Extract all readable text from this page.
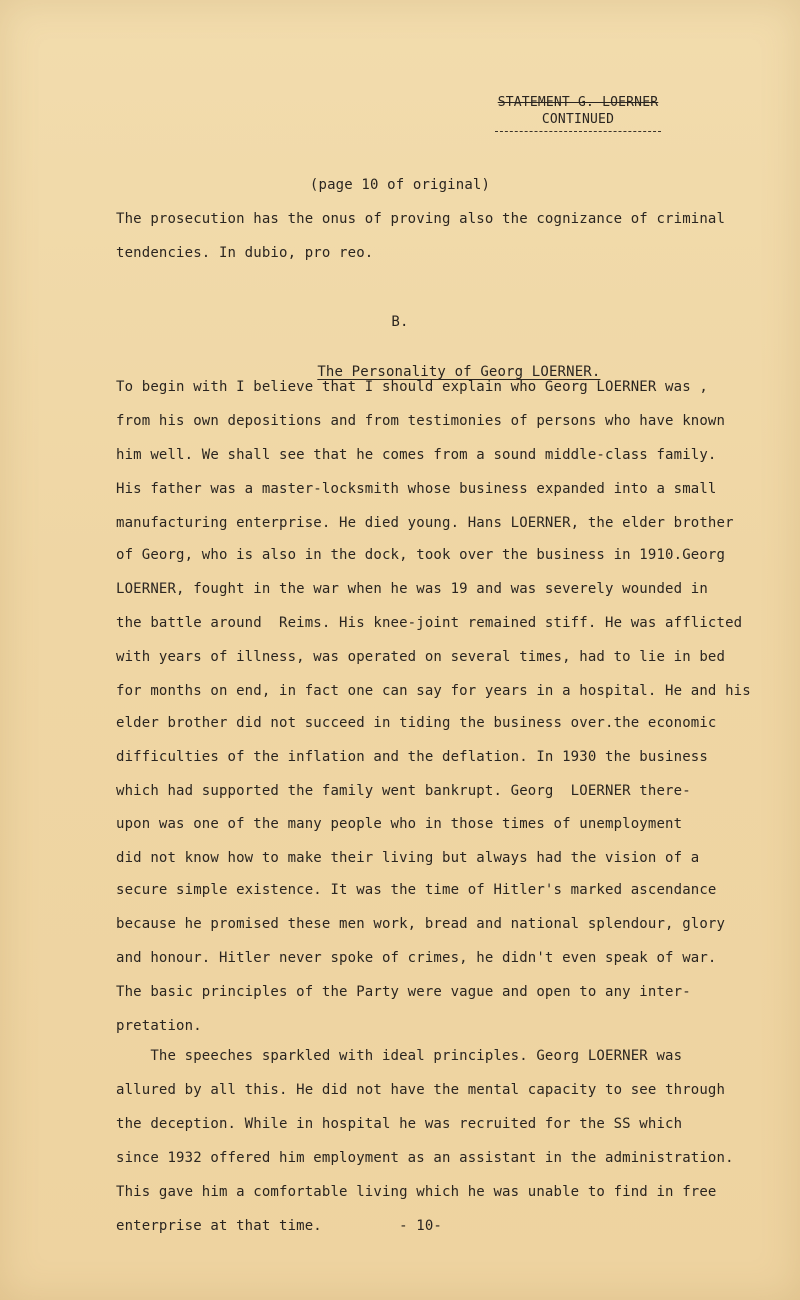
STATEMENT G. LOERNER
CONTINUED
(page 10 of original)
The prosecution has the onus of proving also the cognizance of criminal
tendencies. In dubio, pro reo.
B.

The Personality of Georg LOERNER.

To begin with I believe that I should explain who Georg LOERNER was ,
from his own depositions and from testimonies of persons who have known
him well. We shall see that he comes from a sound middle-class family.
His father was a master-locksmith whose business expanded into a small
manufacturing enterprise. He died young. Hans LOERNER, the elder brother
of Georg, who is also in the dock, took over the business in 1910.Georg
LOERNER, fought in the war when he was 19 and was severely wounded in
the battle around  Reims. His knee-joint remained stiff. He was afflicted
with years of illness, was operated on several times, had to lie in bed
for months on end, in fact one can say for years in a hospital. He and his
elder brother did not succeed in tiding the business over.the economic
difficulties of the inflation and the deflation. In 1930 the business
which had supported the family went bankrupt. Georg  LOERNER there-
upon was one of the many people who in those times of unemployment
did not know how to make their living but always had the vision of a
secure simple existence. It was the time of Hitler's marked ascendance
because he promised these men work, bread and national splendour, glory
and honour. Hitler never spoke of crimes, he didn't even speak of war.
The basic principles of the Party were vague and open to any inter-
pretation.
The speeches sparkled with ideal principles. Georg LOERNER was
allured by all this. He did not have the mental capacity to see through
the deception. While in hospital he was recruited for the SS which
since 1932 offered him employment as an assistant in the administration.
This gave him a comfortable living which he was unable to find in free
enterprise at that time.         - 10-
